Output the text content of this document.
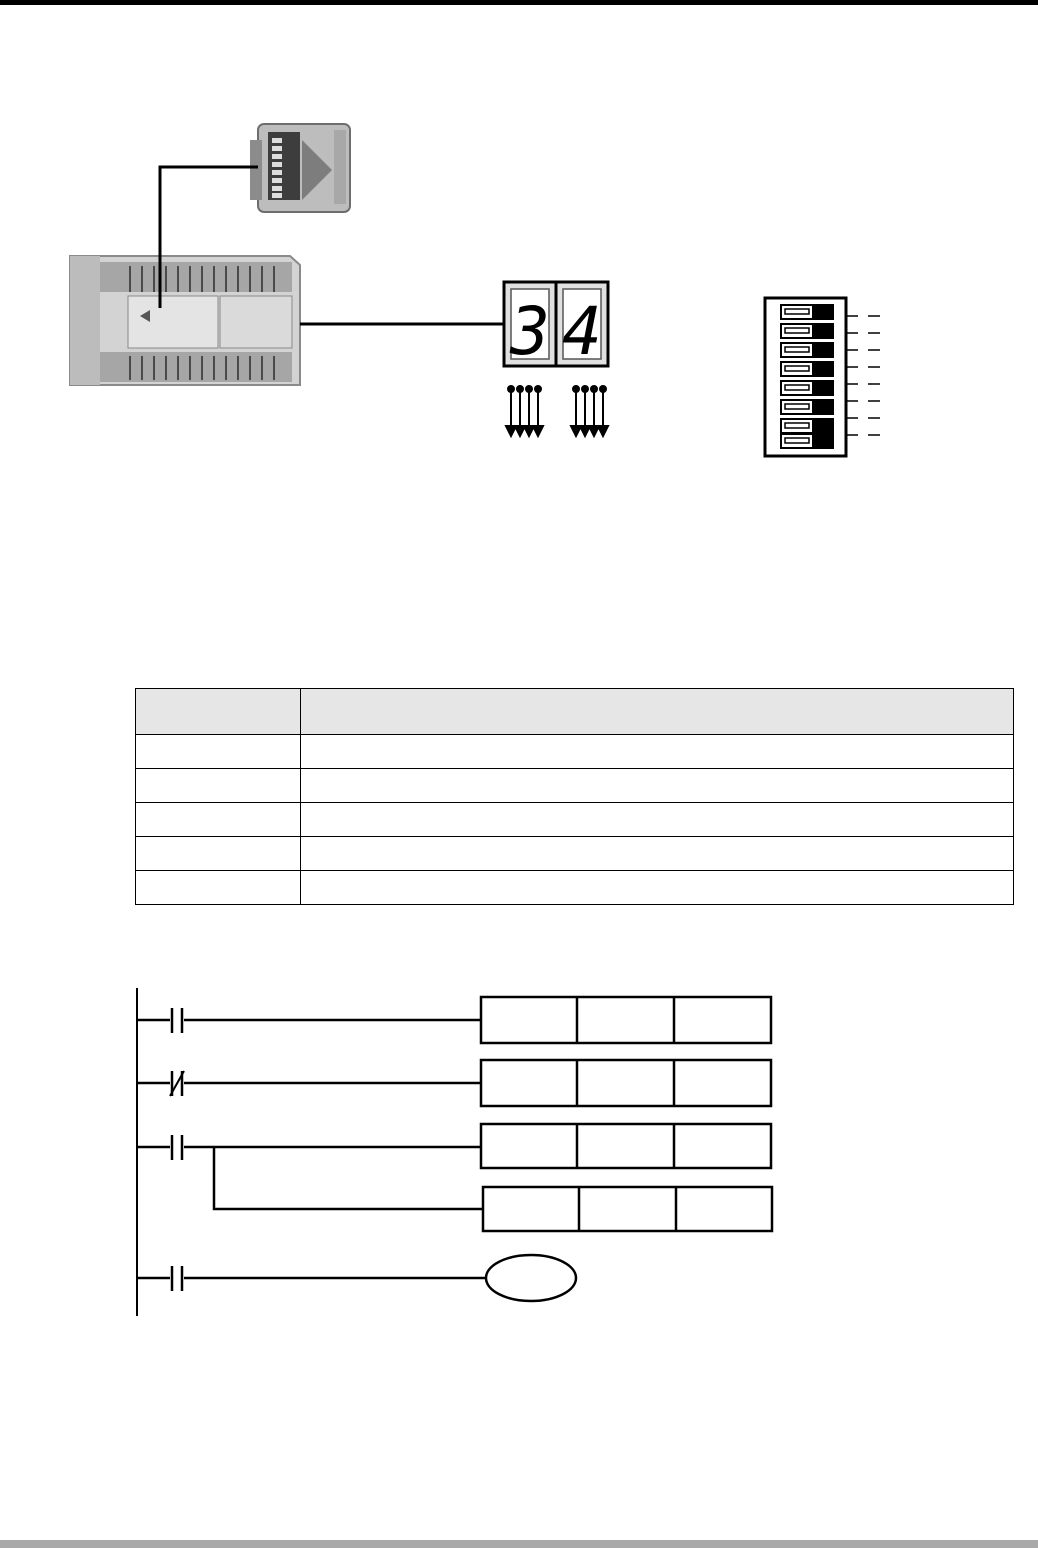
3 4
